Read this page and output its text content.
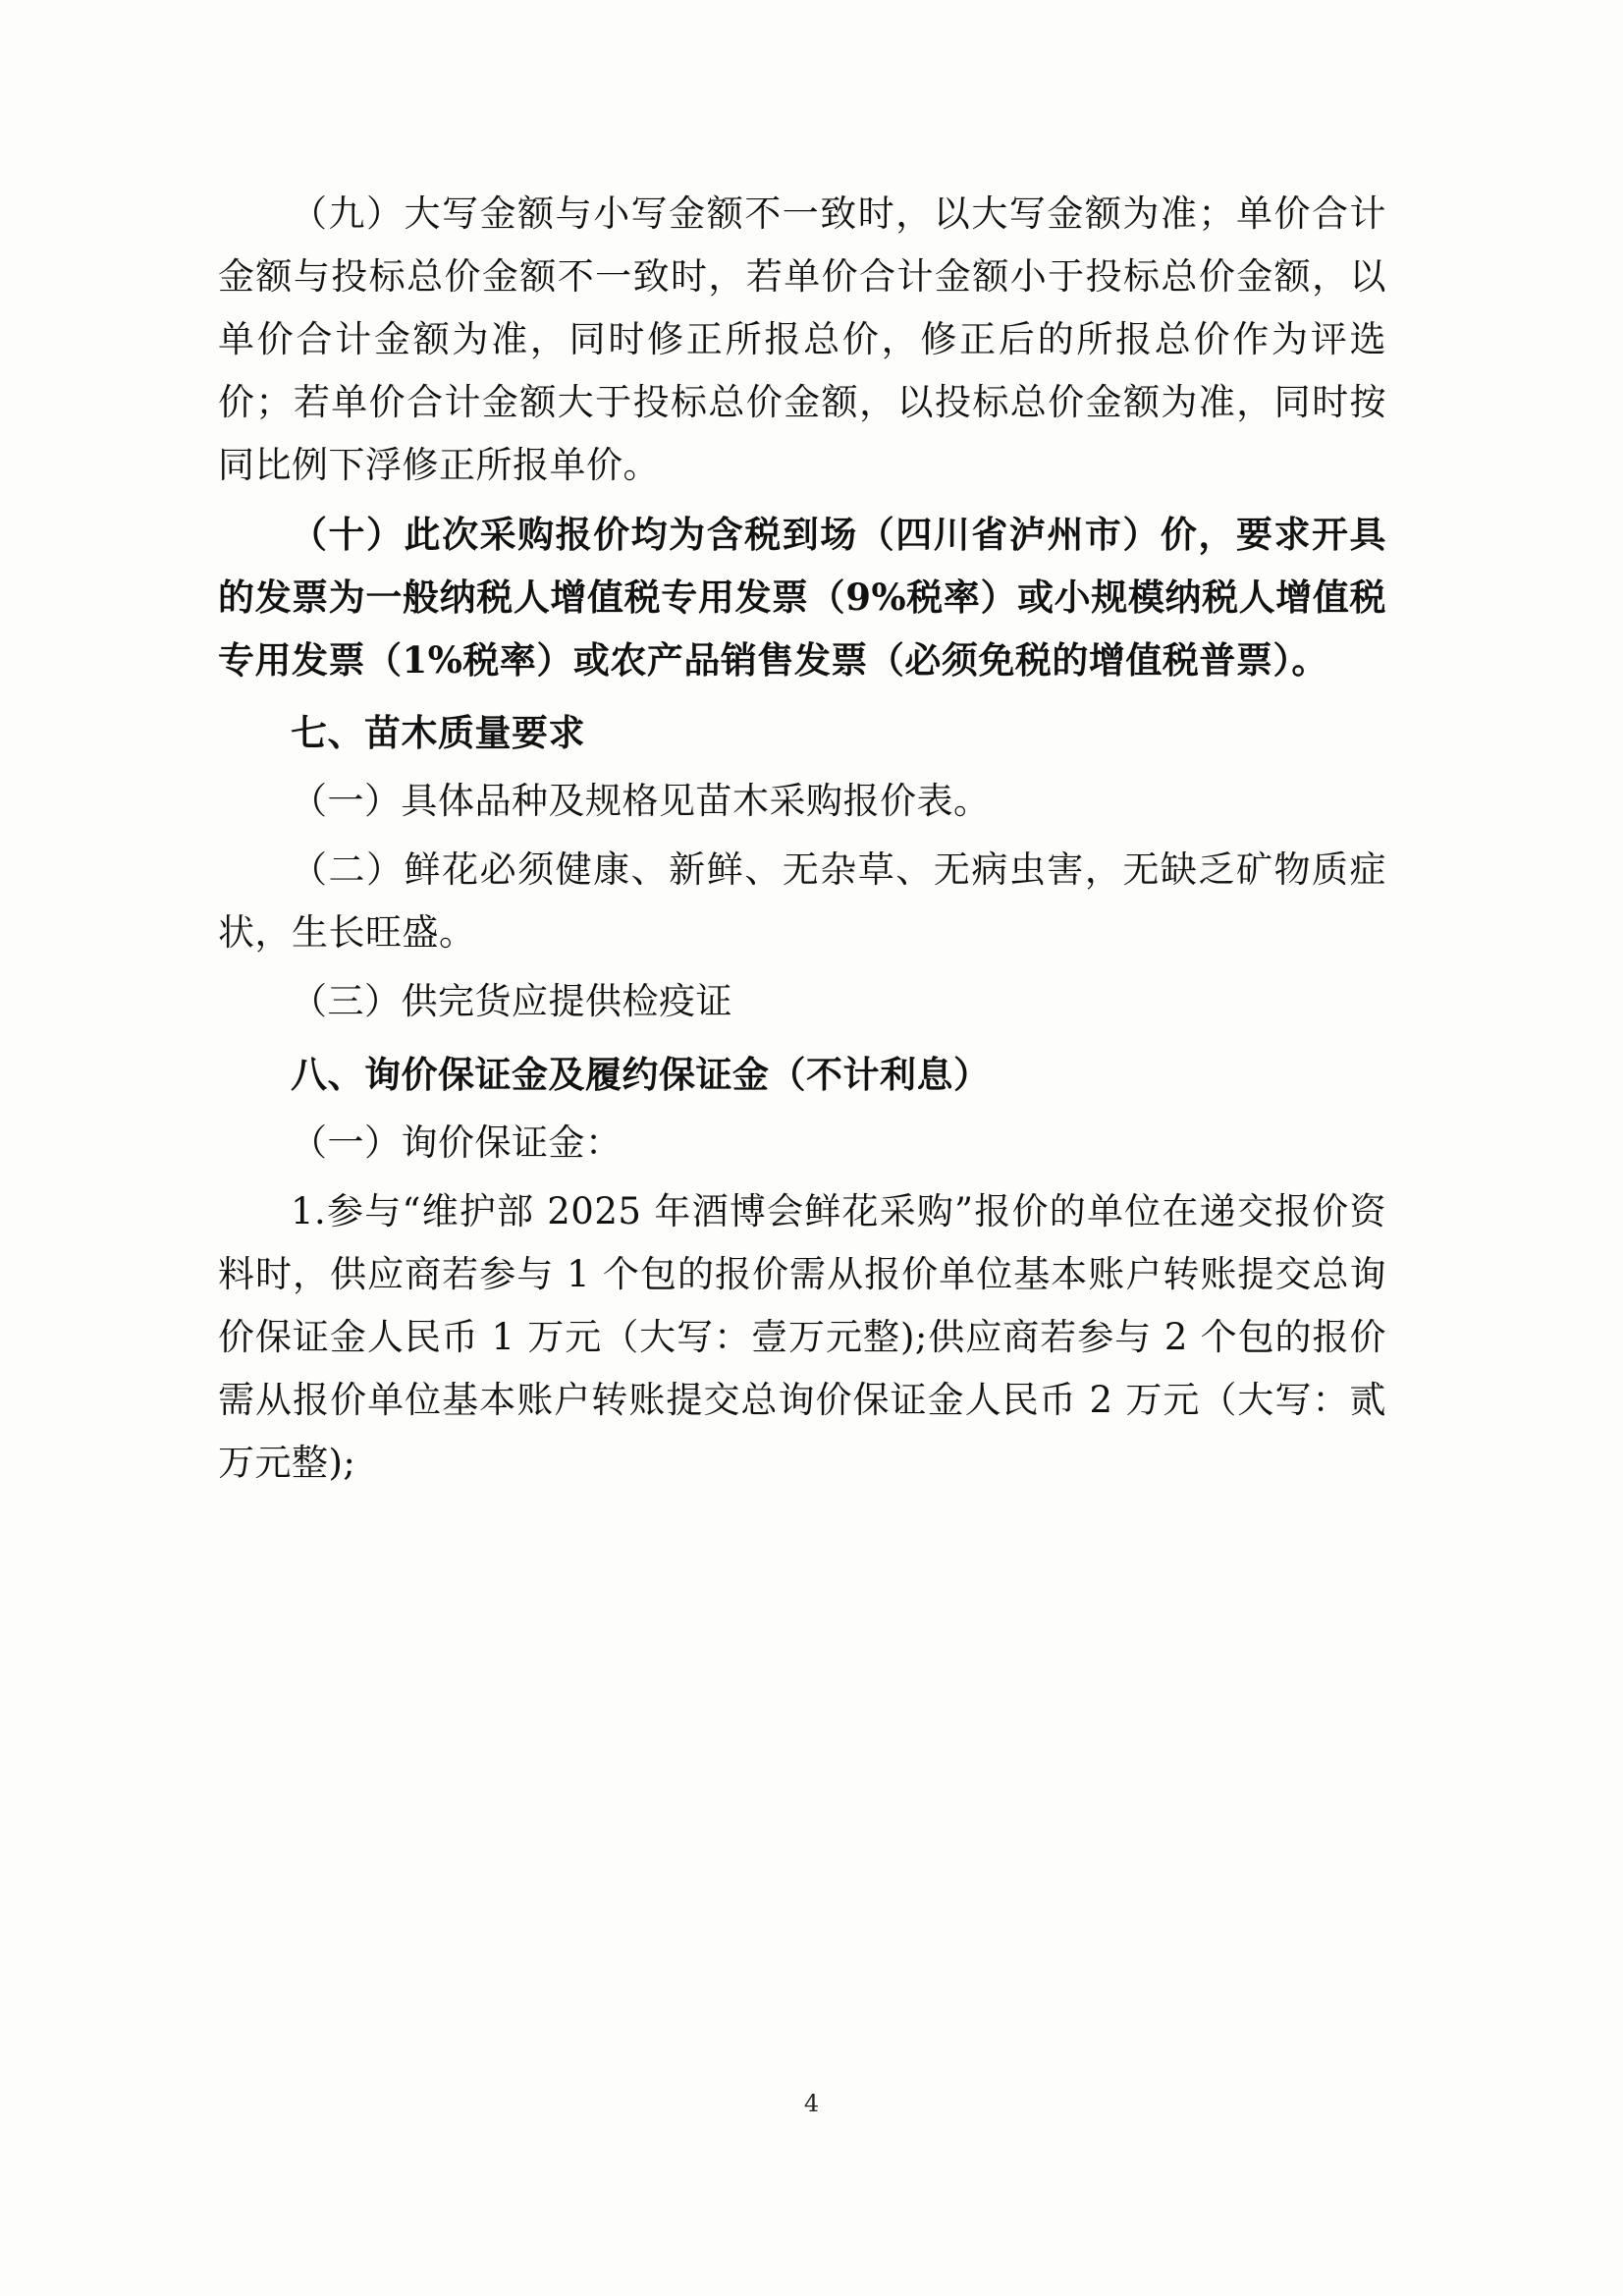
（九）大写金额与小写金额不一致时，以大写金额为准；单价合计金额与投标总价金额不一致时，若单价合计金额小于投标总价金额，以单价合计金额为准，同时修正所报总价，修正后的所报总价作为评选价；若单价合计金额大于投标总价金额，以投标总价金额为准，同时按同比例下浮修正所报单价。

（十）此次采购报价均为含税到场（四川省泸州市）价，要求开具的发票为一般纳税人增值税专用发票（9%税率）或小规模纳税人增值税专用发票（1%税率）或农产品销售发票（必须免税的增值税普票）。

七、苗木质量要求

（一）具体品种及规格见苗木采购报价表。

（二）鲜花必须健康、新鲜、无杂草、无病虫害，无缺乏矿物质症状，生长旺盛。

（三）供完货应提供检疫证

八、询价保证金及履约保证金（不计利息）

（一）询价保证金：

1.参与“维护部 2025 年酒博会鲜花采购”报价的单位在递交报价资料时，供应商若参与 1 个包的报价需从报价单位基本账户转账提交总询价保证金人民币 1 万元（大写：壹万元整);供应商若参与 2 个包的报价需从报价单位基本账户转账提交总询价保证金人民币 2 万元（大写：贰万元整);

4
